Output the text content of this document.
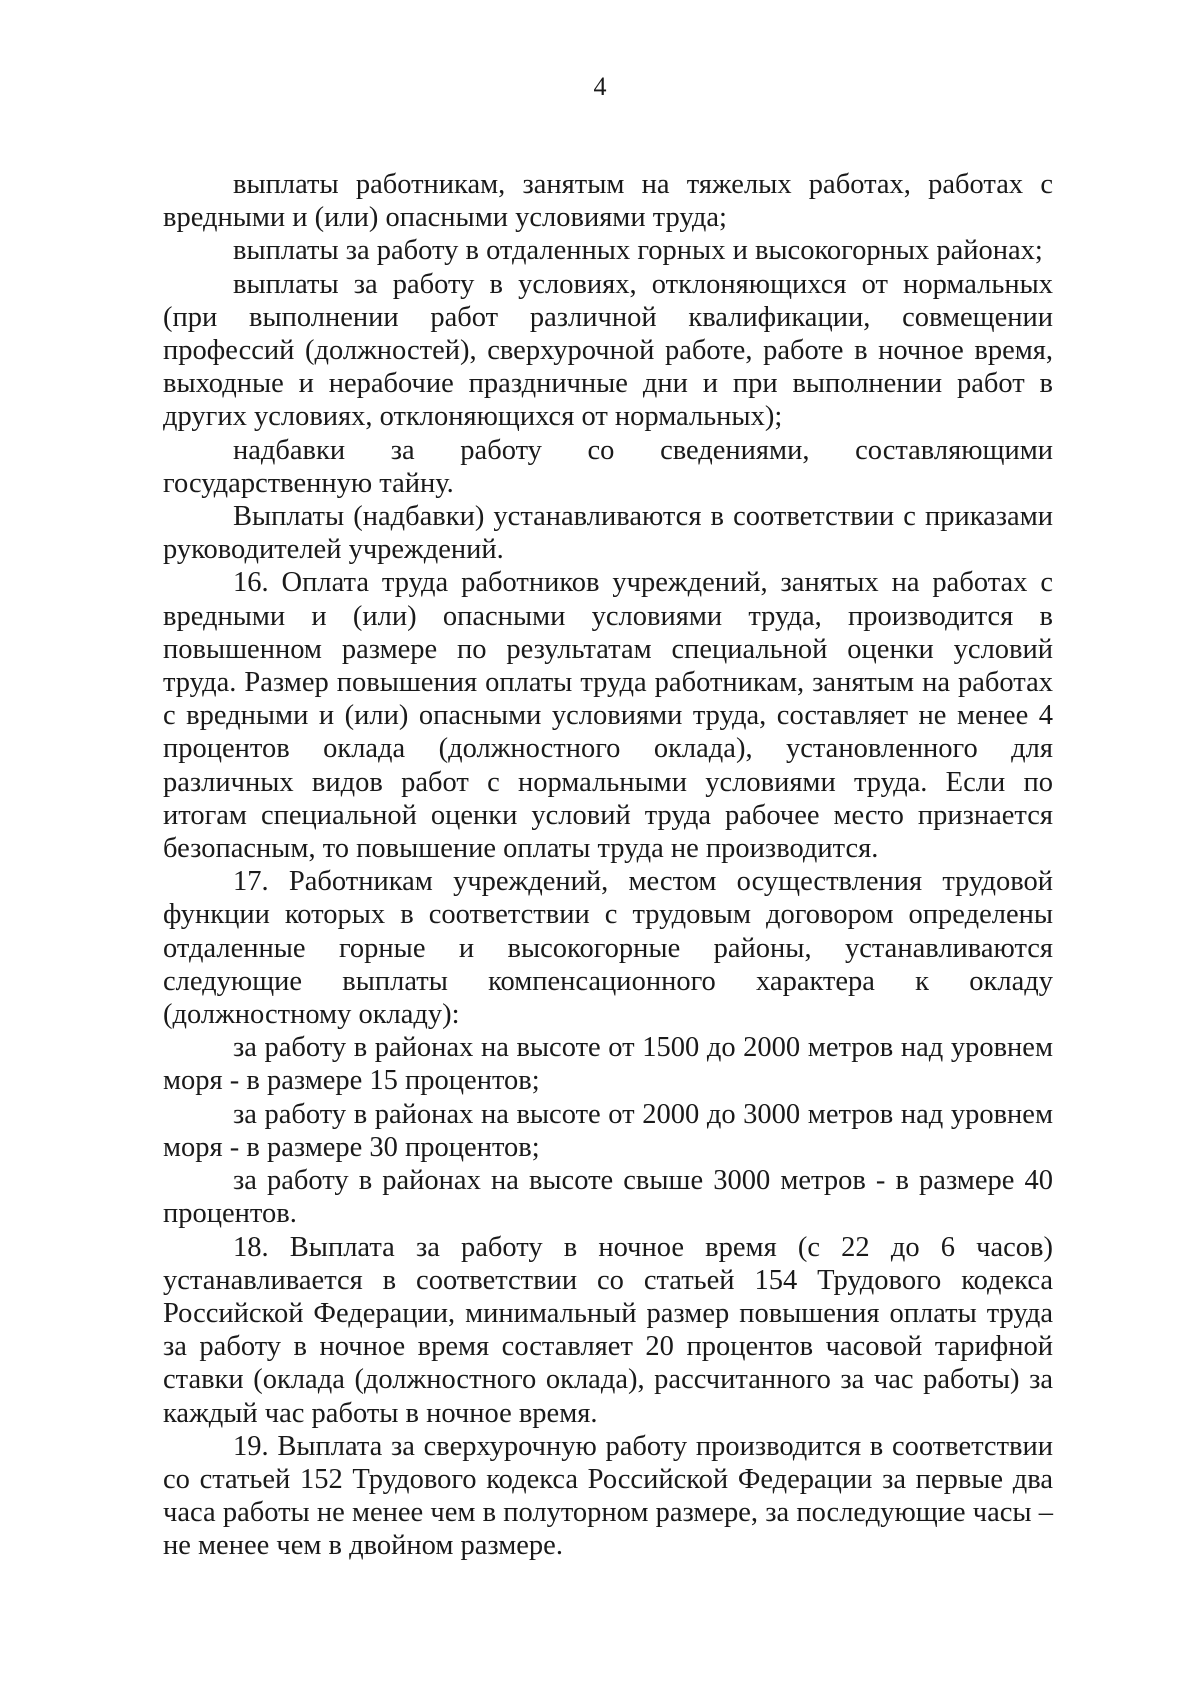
4

выплаты работникам, занятым на тяжелых работах, работах с вредными и (или) опасными условиями труда;

выплаты за работу в отдаленных горных и высокогорных районах;

выплаты за работу в условиях, отклоняющихся от нормальных (при выполнении работ различной квалификации, совмещении профессий (должностей), сверхурочной работе, работе в ночное время, выходные и нерабочие праздничные дни и при выполнении работ в других условиях, отклоняющихся от нормальных);

надбавки за работу со сведениями, составляющими государственную тайну.

Выплаты (надбавки) устанавливаются в соответствии с приказами руководителей учреждений.

16. Оплата труда работников учреждений, занятых на работах с вредными и (или) опасными условиями труда, производится в повышенном размере по результатам специальной оценки условий труда. Размер повышения оплаты труда работникам, занятым на работах с вредными и (или) опасными условиями труда, составляет не менее 4 процентов оклада (должностного оклада), установленного для различных видов работ с нормальными условиями труда. Если по итогам специальной оценки условий труда рабочее место признается безопасным, то повышение оплаты труда не производится.

17. Работникам учреждений, местом осуществления трудовой функции которых в соответствии с трудовым договором определены отдаленные горные и высокогорные районы, устанавливаются следующие выплаты компенсационного характера к окладу (должностному окладу):

за работу в районах на высоте от 1500 до 2000 метров над уровнем моря - в размере 15 процентов;

за работу в районах на высоте от 2000 до 3000 метров над уровнем моря - в размере 30 процентов;

за работу в районах на высоте свыше 3000 метров - в размере 40 процентов.

18. Выплата за работу в ночное время (с 22 до 6 часов) устанавливается в соответствии со статьей 154 Трудового кодекса Российской Федерации, минимальный размер повышения оплаты труда за работу в ночное время составляет 20 процентов часовой тарифной ставки (оклада (должностного оклада), рассчитанного за час работы) за каждый час работы в ночное время.

19. Выплата за сверхурочную работу производится в соответствии со статьей 152 Трудового кодекса Российской Федерации за первые два часа работы не менее чем в полуторном размере, за последующие часы – не менее чем в двойном размере.
